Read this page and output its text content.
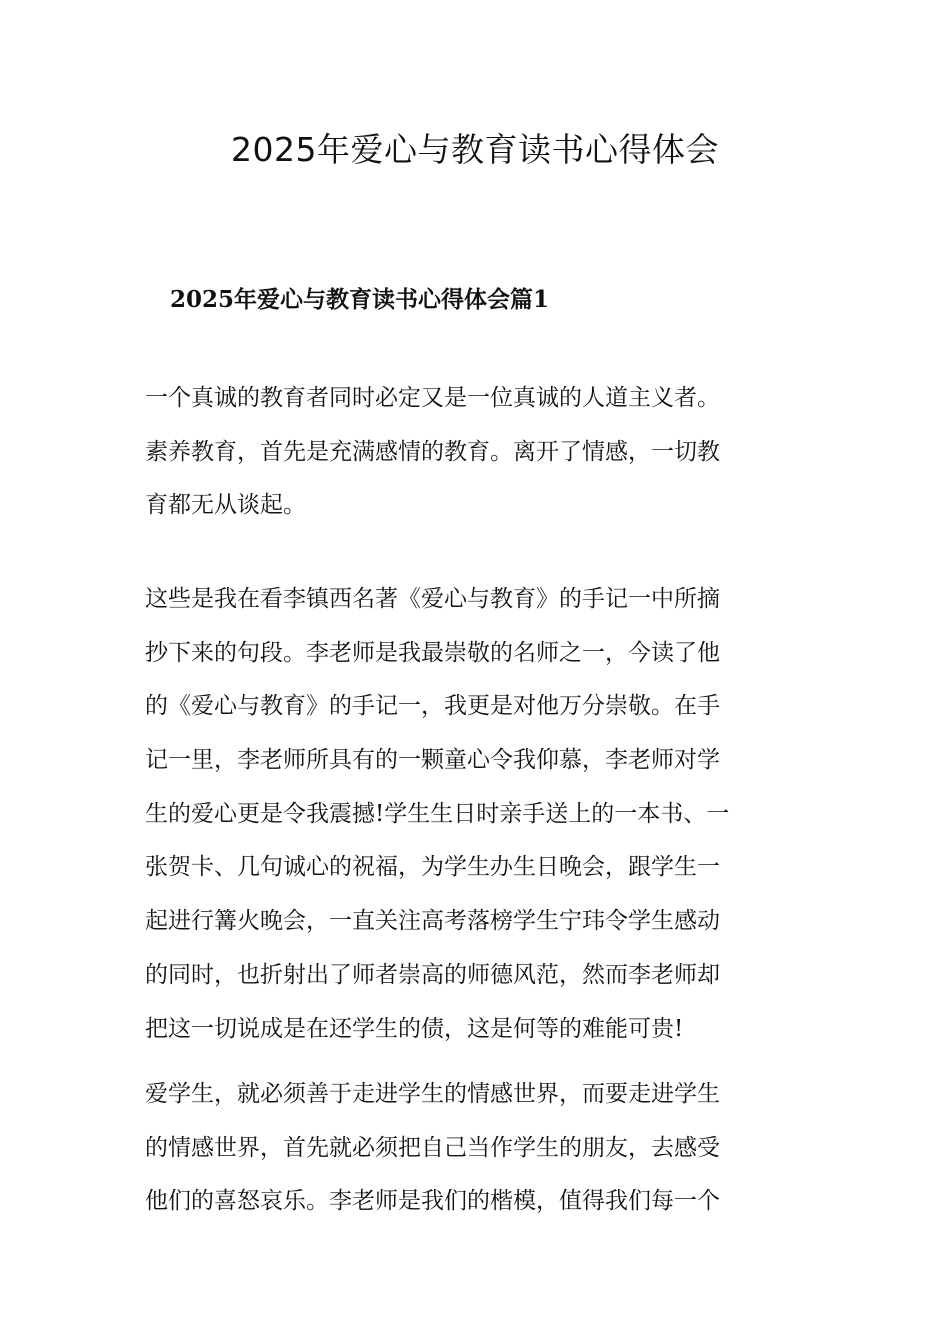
2025年爱心与教育读书心得体会
2025年爱心与教育读书心得体会篇1
一个真诚的教育者同时必定又是一位真诚的人道主义者。
素养教育，首先是充满感情的教育。离开了情感，一切教
育都无从谈起。
这些是我在看李镇西名著《爱心与教育》的手记一中所摘
抄下来的句段。李老师是我最崇敬的名师之一，今读了他
的《爱心与教育》的手记一，我更是对他万分崇敬。在手
记一里，李老师所具有的一颗童心令我仰慕，李老师对学
生的爱心更是令我震撼!学生生日时亲手送上的一本书、一
张贺卡、几句诚心的祝福，为学生办生日晚会，跟学生一
起进行篝火晚会，一直关注高考落榜学生宁玮令学生感动
的同时，也折射出了师者崇高的师德风范，然而李老师却
把这一切说成是在还学生的债，这是何等的难能可贵!
爱学生，就必须善于走进学生的情感世界，而要走进学生
的情感世界，首先就必须把自己当作学生的朋友，去感受
他们的喜怒哀乐。李老师是我们的楷模，值得我们每一个
